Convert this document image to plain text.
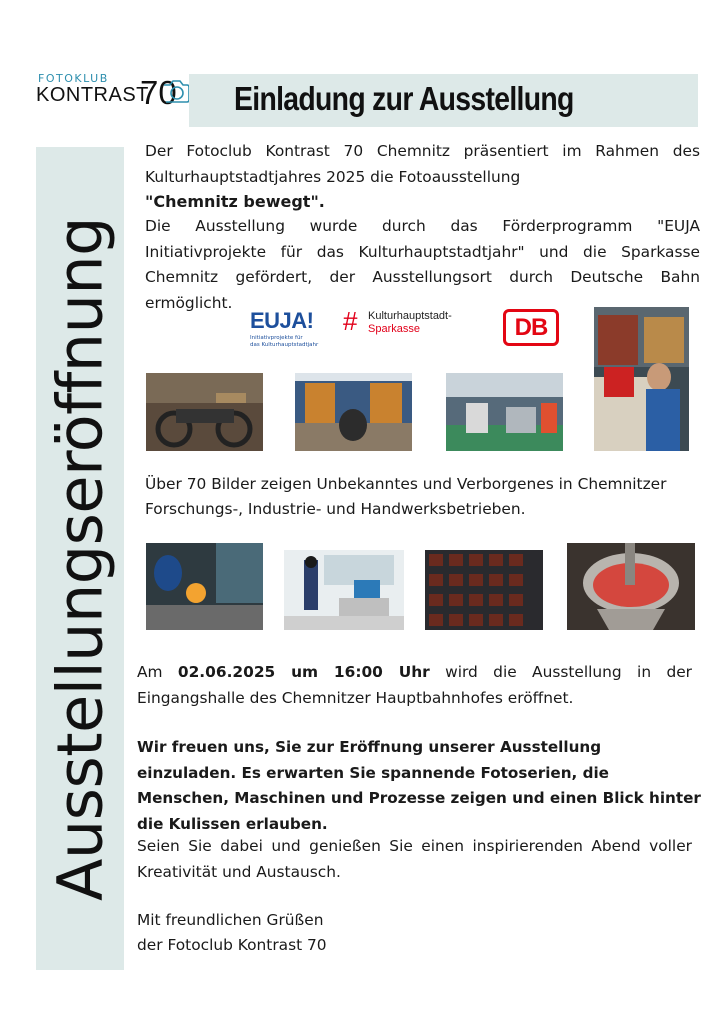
FOTOKLUB
KONTRAST
70 Einladung zur Ausstellung
Ausstellungseröffnung
Der Fotoclub Kontrast 70 Chemnitz präsentiert im Rahmen des Kulturhauptstadtjahres 2025 die Fotoausstellung
"Chemnitz bewegt".
Die Ausstellung wurde durch das Förderprogramm "EUJA Initiativprojekte für das Kulturhauptstadtjahr" und die Sparkasse Chemnitz gefördert, der Ausstellungsort durch Deutsche Bahn ermöglicht.
EUJA!
Initiativprojekte für
das Kulturhauptstadtjahr
# Kulturhauptstadt-
Sparkasse	DB
Über 70 Bilder zeigen Unbekanntes und Verborgenes in Chemnitzer Forschungs-, Industrie- und Handwerksbetrieben.
Am 02.06.2025 um 16:00 Uhr wird die Ausstellung in der Eingangshalle des Chemnitzer Hauptbahnhofes eröffnet.
Wir freuen uns, Sie zur Eröffnung unserer Ausstellung einzuladen. Es erwarten Sie spannende Fotoserien, die Menschen, Maschinen und Prozesse zeigen und einen Blick hinter die Kulissen erlauben.
Seien Sie dabei und genießen Sie einen inspirierenden Abend voller Kreativität und Austausch.
Mit freundlichen Grüßen
der Fotoclub Kontrast 70
